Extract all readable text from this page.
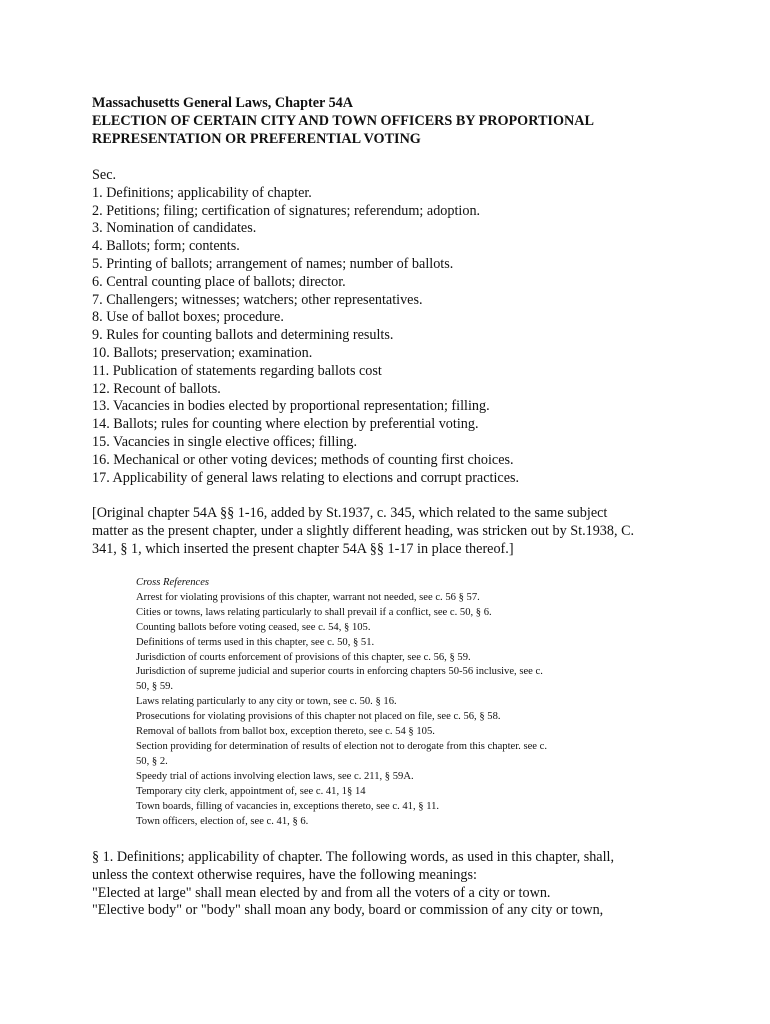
Massachusetts General Laws, Chapter 54A
ELECTION OF CERTAIN CITY AND TOWN OFFICERS BY PROPORTIONAL
REPRESENTATION OR PREFERENTIAL VOTING
Sec.
1. Definitions; applicability of chapter.
2. Petitions; filing; certification of signatures; referendum; adoption.
3. Nomination of candidates.
4. Ballots; form; contents.
5. Printing of ballots; arrangement of names; number of ballots.
6. Central counting place of ballots; director.
7. Challengers; witnesses; watchers; other representatives.
8. Use of ballot boxes; procedure.
9. Rules for counting ballots and determining results.
10. Ballots; preservation; examination.
11. Publication of statements regarding ballots cost
12. Recount of ballots.
13. Vacancies in bodies elected by proportional representation; filling.
14. Ballots; rules for counting where election by preferential voting.
15. Vacancies in single elective offices; filling.
16. Mechanical or other voting devices; methods of counting first choices.
17. Applicability of general laws relating to elections and corrupt practices.
[Original chapter 54A §§ 1-16, added by St.1937, c. 345, which related to the same subject
matter as the present chapter, under a slightly different heading, was stricken out by St.1938, C.
341, § 1, which inserted the present chapter 54A §§ 1-17 in place thereof.]
Cross References
Arrest for violating provisions of this chapter, warrant not needed, see c. 56 § 57.
Cities or towns, laws relating particularly to shall prevail if a conflict, see c. 50, § 6.
Counting ballots before voting ceased, see c. 54, § 105.
Definitions of terms used in this chapter, see c. 50, § 51.
Jurisdiction of courts enforcement of provisions of this chapter, see c. 56, § 59.
Jurisdiction of supreme judicial and superior courts in enforcing chapters 50-56 inclusive, see c.
50, § 59.
Laws relating particularly to any city or town, see c. 50. § 16.
Prosecutions for violating provisions of this chapter not placed on file, see c. 56, § 58.
Removal of ballots from ballot box, exception thereto, see c. 54 § 105.
Section providing for determination of results of election not to derogate from this chapter. see c.
50, § 2.
Speedy trial of actions involving election laws, see c. 211, § 59A.
Temporary city clerk, appointment of, see c. 41, 1§ 14
Town boards, filling of vacancies in, exceptions thereto, see c. 41, § 11.
Town officers, election of, see c. 41, § 6.
§ 1. Definitions; applicability of chapter. The following words, as used in this chapter, shall,
unless the context otherwise requires, have the following meanings:
"Elected at large" shall mean elected by and from all the voters of a city or town.
"Elective body" or "body" shall moan any body, board or commission of any city or town,
